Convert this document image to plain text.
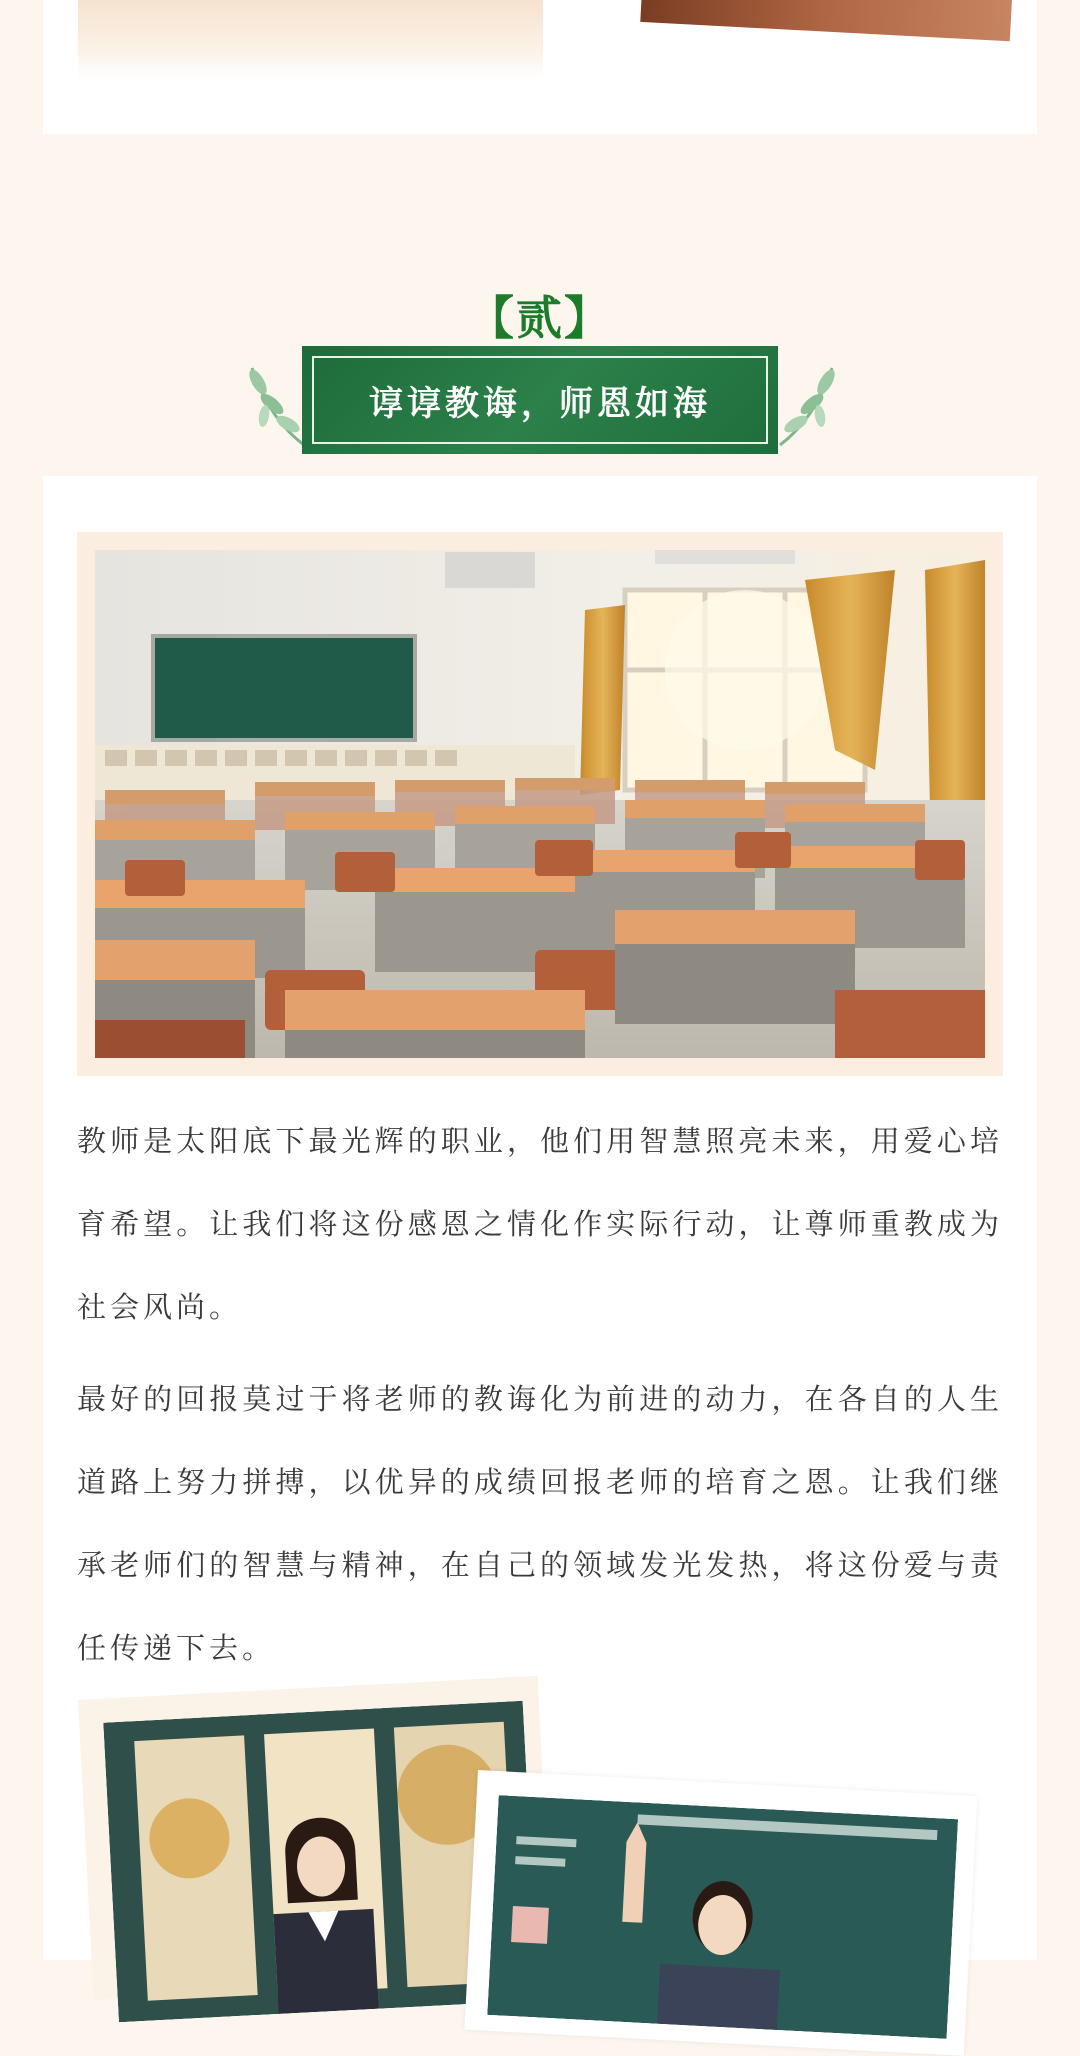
【贰】
谆谆教诲，师恩如海

教师是太阳底下最光辉的职业，他们用智慧照亮未来，用爱心培育希望。让我们将这份感恩之情化作实际行动，让尊师重教成为社会风尚。

最好的回报莫过于将老师的教诲化为前进的动力，在各自的人生道路上努力拼搏，以优异的成绩回报老师的培育之恩。让我们继承老师们的智慧与精神，在自己的领域发光发热，将这份爱与责任传递下去。
